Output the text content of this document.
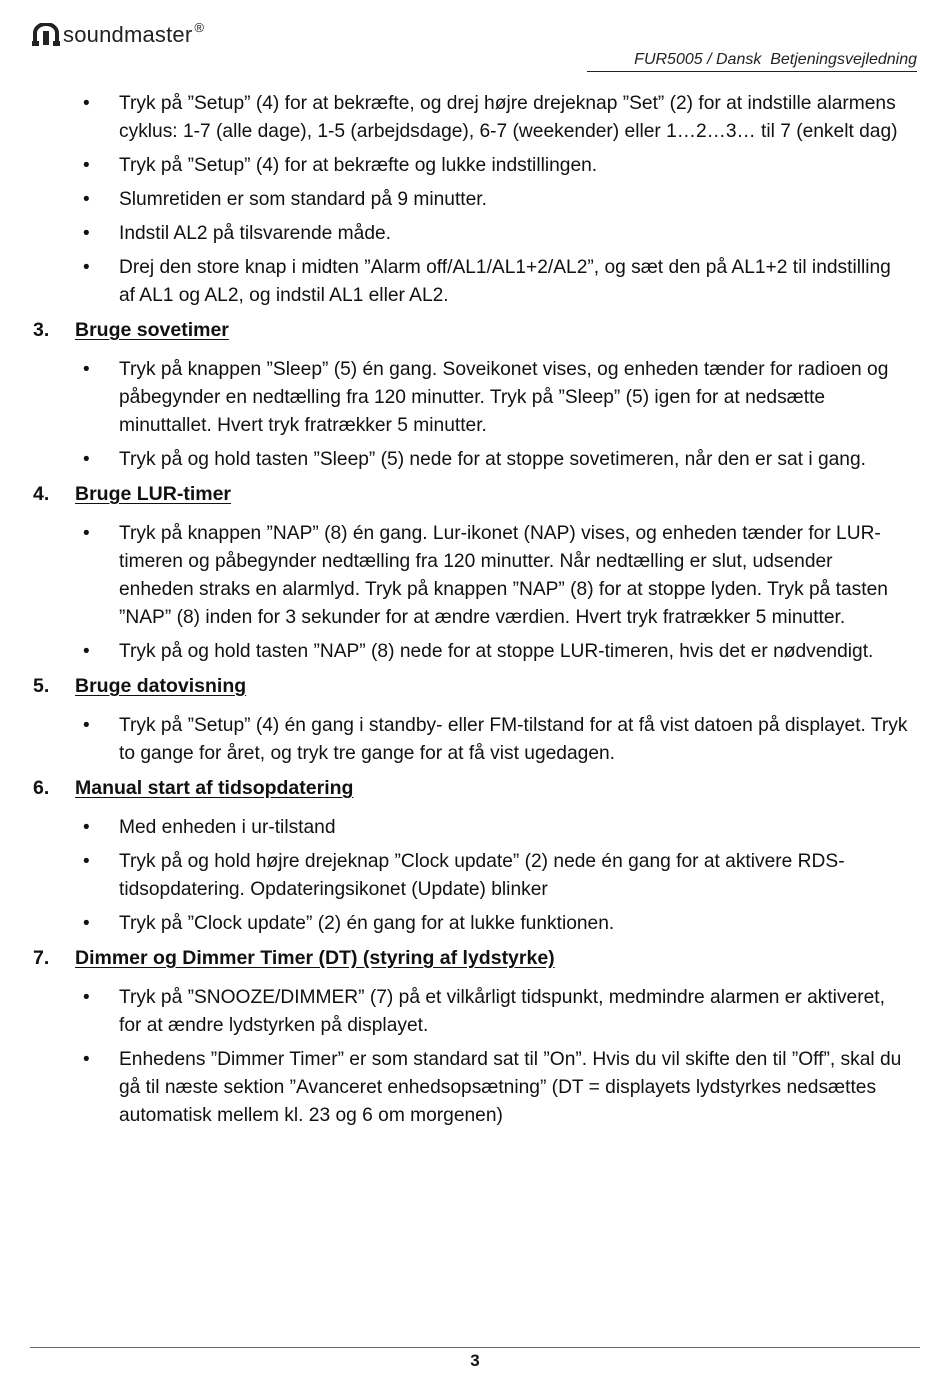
soundmaster ®
FUR5005 / Dansk  Betjeningsvejledning
• Tryk på ”Setup” (4) for at bekræfte, og drej højre drejeknap ”Set” (2) for at indstille alarmens cyklus: 1-7 (alle dage), 1-5 (arbejdsdage), 6-7 (weekender) eller 1…2…3… til 7 (enkelt dag)
• Tryk på ”Setup” (4) for at bekræfte og lukke indstillingen.
• Slumretiden er som standard på 9 minutter.
• Indstil AL2 på tilsvarende måde.
• Drej den store knap i midten ”Alarm off/AL1/AL1+2/AL2”, og sæt den på AL1+2 til indstilling af AL1 og AL2, og indstil AL1 eller AL2.
3. Bruge sovetimer
• Tryk på knappen ”Sleep” (5) én gang. Soveikonet vises, og enheden tænder for radioen og påbegynder en nedtælling fra 120 minutter. Tryk på ”Sleep” (5) igen for at nedsætte minuttallet. Hvert tryk fratrækker 5 minutter.
• Tryk på og hold tasten ”Sleep” (5) nede for at stoppe sovetimeren, når den er sat i gang.
4. Bruge LUR-timer
• Tryk på knappen ”NAP” (8) én gang. Lur-ikonet (NAP) vises, og enheden tænder for LUR-timeren og påbegynder nedtælling fra 120 minutter. Når nedtælling er slut, udsender enheden straks en alarmlyd. Tryk på knappen ”NAP” (8) for at stoppe lyden. Tryk på tasten ”NAP” (8) inden for 3 sekunder for at ændre værdien. Hvert tryk fratrækker 5 minutter.
• Tryk på og hold tasten ”NAP” (8) nede for at stoppe LUR-timeren, hvis det er nødvendigt.
5. Bruge datovisning
• Tryk på ”Setup” (4) én gang i standby- eller FM-tilstand for at få vist datoen på displayet. Tryk to gange for året, og tryk tre gange for at få vist ugedagen.
6. Manual start af tidsopdatering
• Med enheden i ur-tilstand
• Tryk på og hold højre drejeknap ”Clock update” (2) nede én gang for at aktivere RDS-tidsopdatering. Opdateringsikonet (Update) blinker
• Tryk på ”Clock update” (2) én gang for at lukke funktionen.
7. Dimmer og Dimmer Timer (DT) (styring af lydstyrke)
• Tryk på ”SNOOZE/DIMMER” (7) på et vilkårligt tidspunkt, medmindre alarmen er aktiveret, for at ændre lydstyrken på displayet.
• Enhedens ”Dimmer Timer” er som standard sat til ”On”. Hvis du vil skifte den til ”Off”, skal du gå til næste sektion ”Avanceret enhedsopsætning” (DT = displayets lydstyrkes nedsættes automatisk mellem kl. 23 og 6 om morgenen)
3
